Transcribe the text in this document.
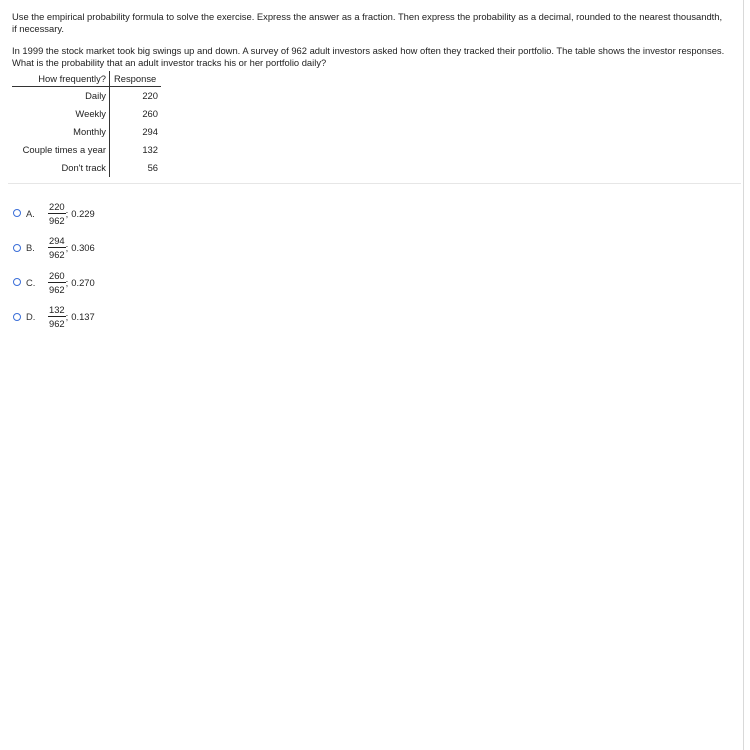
Use the empirical probability formula to solve the exercise. Express the answer as a fraction. Then express the probability as a decimal, rounded to the nearest thousandth, if necessary.

In 1999 the stock market took big swings up and down. A survey of 962 adult investors asked how often they tracked their portfolio. The table shows the investor responses. What is the probability that an adult investor tracks his or her portfolio daily?

How frequently?	Response
Daily	220
Weekly	260
Monthly	294
Couple times a year	132
Don't track	56
A.	$\frac{220}{962}$ ; 0.229
B.	$\frac{294}{962}$ ; 0.306
C.	$\frac{260}{962}$ ; 0.270
D.	$\frac{132}{962}$ ; 0.137
